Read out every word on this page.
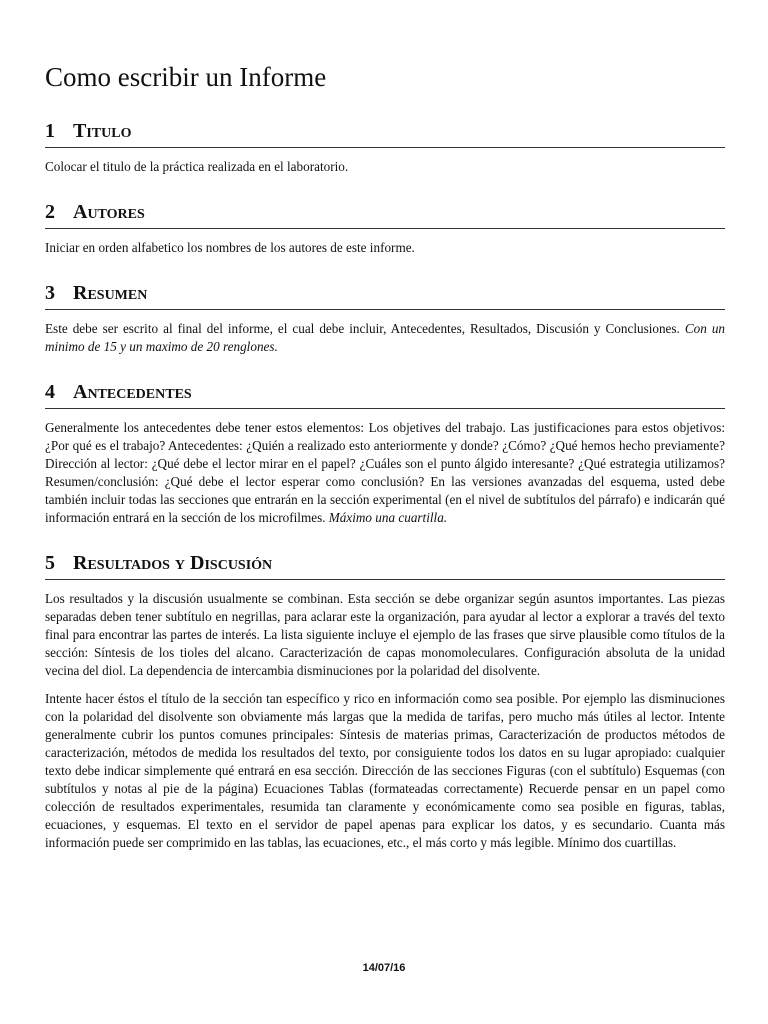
Como escribir un Informe
1 Titulo

Colocar el titulo de la práctica realizada en el laboratorio.

2 Autores

Iniciar en orden alfabetico los nombres de los autores de este informe.

3 Resumen

Este debe ser escrito al final del informe, el cual debe incluir, Antecedentes, Resultados, Discusión y Conclusiones. Con un minimo de 15 y un maximo de 20 renglones.

4 Antecedentes

Generalmente los antecedentes debe tener estos elementos: Los objetives del trabajo. Las justificaciones para estos objetivos: ¿Por qué es el trabajo? Antecedentes: ¿Quién a realizado esto anteriormente y donde? ¿Cómo? ¿Qué hemos hecho previamente? Dirección al lector: ¿Qué debe el lector mirar en el papel? ¿Cuáles son el punto álgido interesante? ¿Qué estrategia utilizamos? Resumen/conclusión: ¿Qué debe el lector esperar como conclusión? En las versiones avanzadas del esquema, usted debe también incluir todas las secciones que entrarán en la sección experimental (en el nivel de subtítulos del párrafo) e indicarán qué información entrará en la sección de los microfilmes. Máximo una cuartilla.

5 Resultados y Discusión

Los resultados y la discusión usualmente se combinan. Esta sección se debe organizar según asuntos importantes. Las piezas separadas deben tener subtítulo en negrillas, para aclarar este la organización, para ayudar al lector a explorar a través del texto final para encontrar las partes de interés. La lista siguiente incluye el ejemplo de las frases que sirve plausible como títulos de la sección: Síntesis de los tioles del alcano. Caracterización de capas monomoleculares. Configuración absoluta de la unidad vecina del diol. La dependencia de intercambia disminuciones por la polaridad del disolvente.

Intente hacer éstos el título de la sección tan específico y rico en información como sea posible. Por ejemplo las disminuciones con la polaridad del disolvente son obviamente más largas que la medida de tarifas, pero mucho más útiles al lector. Intente generalmente cubrir los puntos comunes principales: Síntesis de materias primas, Caracterización de productos métodos de caracterización, métodos de medida los resultados del texto, por consiguiente todos los datos en su lugar apropiado: cualquier texto debe indicar simplemente qué entrará en esa sección. Dirección de las secciones Figuras (con el subtítulo) Esquemas (con subtítulos y notas al pie de la página) Ecuaciones Tablas (formateadas correctamente) Recuerde pensar en un papel como colección de resultados experimentales, resumida tan claramente y económicamente como sea posible en figuras, tablas, ecuaciones, y esquemas. El texto en el servidor de papel apenas para explicar los datos, y es secundario. Cuanta más información puede ser comprimido en las tablas, las ecuaciones, etc., el más corto y más legible. Mínimo dos cuartillas.

14/07/16
